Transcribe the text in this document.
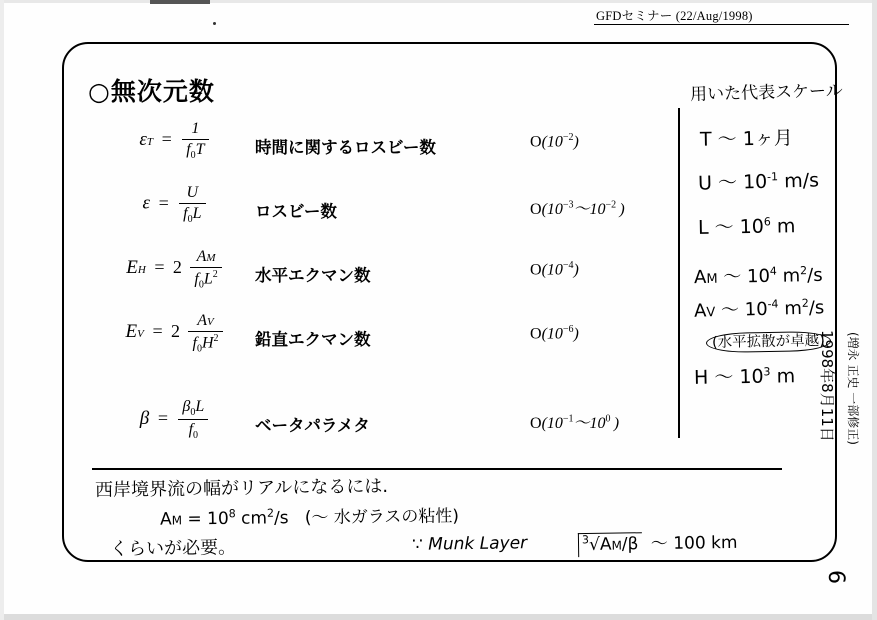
GFDセミナー (22/Aug/1998)
○無次元数
$\varepsilon T = \frac{1}{f_0T}$	時間に関するロスビー数	$O(10^{-2})$
$\varepsilon = \frac{U}{f_0L}$	ロスビー数	$O(10^{-3}\sim 10^{-2}$ )
EH = $2 \frac{AM}{f_0L^2}$ 水平エクマン数	$O(10^{-4})$
EV = $2 \frac{AV}{f_0H^2}$ 鉛直エクマン数	$O(10^{-6})$
$\beta = \frac{\beta_0L}{f_0}$	ベータパラメタ	$O(10^{-1}\sim 10^0$ )
用いた代表スケール
T 〜 1ヶ月
U 〜 $10^{-1}$ m/s
L 〜 $10^6$ m
AM 〜 $10^4$ $m^2/s$
AV 〜 $10^{-4}$ $m^2/s$
(水平拡散が卓越)
H 〜 $10^3$ m
西岸境界流の幅がリアルになるには.
AM = $10^8$ $cm^2/s$   (〜 水ガラスの粘性)
くらいが必要。	∵ Munk Layer	$^3$√AM/β 〜 100 km
1998年8月11日 (増永 正史 一部修正)
6
